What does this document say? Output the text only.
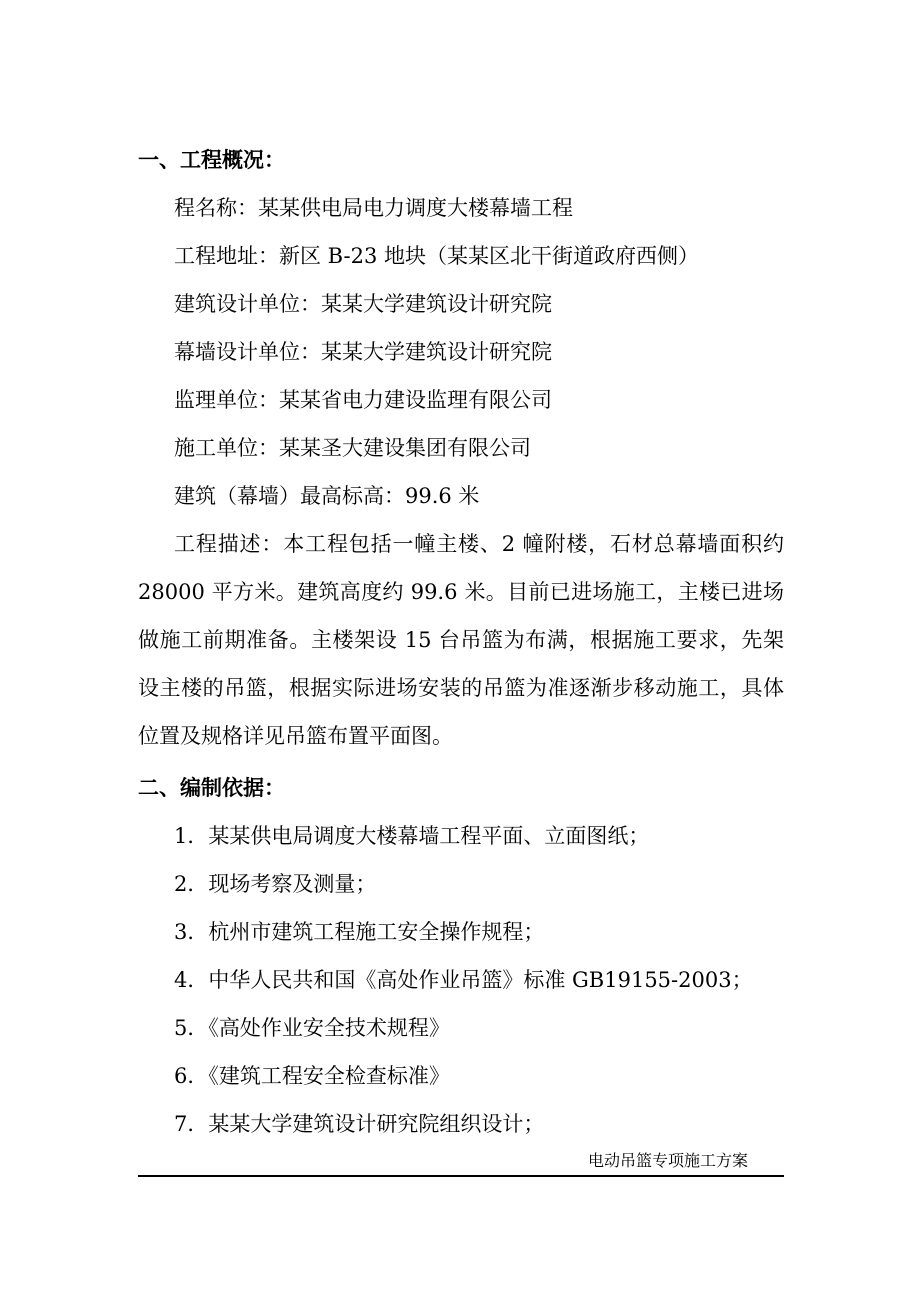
一、工程概况：
程名称：某某供电局电力调度大楼幕墙工程
工程地址：新区 B-23 地块（某某区北干街道政府西侧）
建筑设计单位：某某大学建筑设计研究院
幕墙设计单位：某某大学建筑设计研究院
监理单位：某某省电力建设监理有限公司
施工单位：某某圣大建设集团有限公司
建筑（幕墙）最高标高：99.6 米
工程描述：本工程包括一幢主楼、2 幢附楼，石材总幕墙面积约 28000 平方米。建筑高度约 99.6 米。目前已进场施工，主楼已进场做施工前期准备。主楼架设 15 台吊篮为布满，根据施工要求，先架设主楼的吊篮，根据实际进场安装的吊篮为准逐渐步移动施工，具体位置及规格详见吊篮布置平面图。
二、编制依据：
1．某某供电局调度大楼幕墙工程平面、立面图纸；
2．现场考察及测量；
3．杭州市建筑工程施工安全操作规程；
4．中华人民共和国《高处作业吊篮》标准 GB19155-2003；
5．《高处作业安全技术规程》
6．《建筑工程安全检查标准》
7．某某大学建筑设计研究院组织设计；
电动吊篮专项施工方案
